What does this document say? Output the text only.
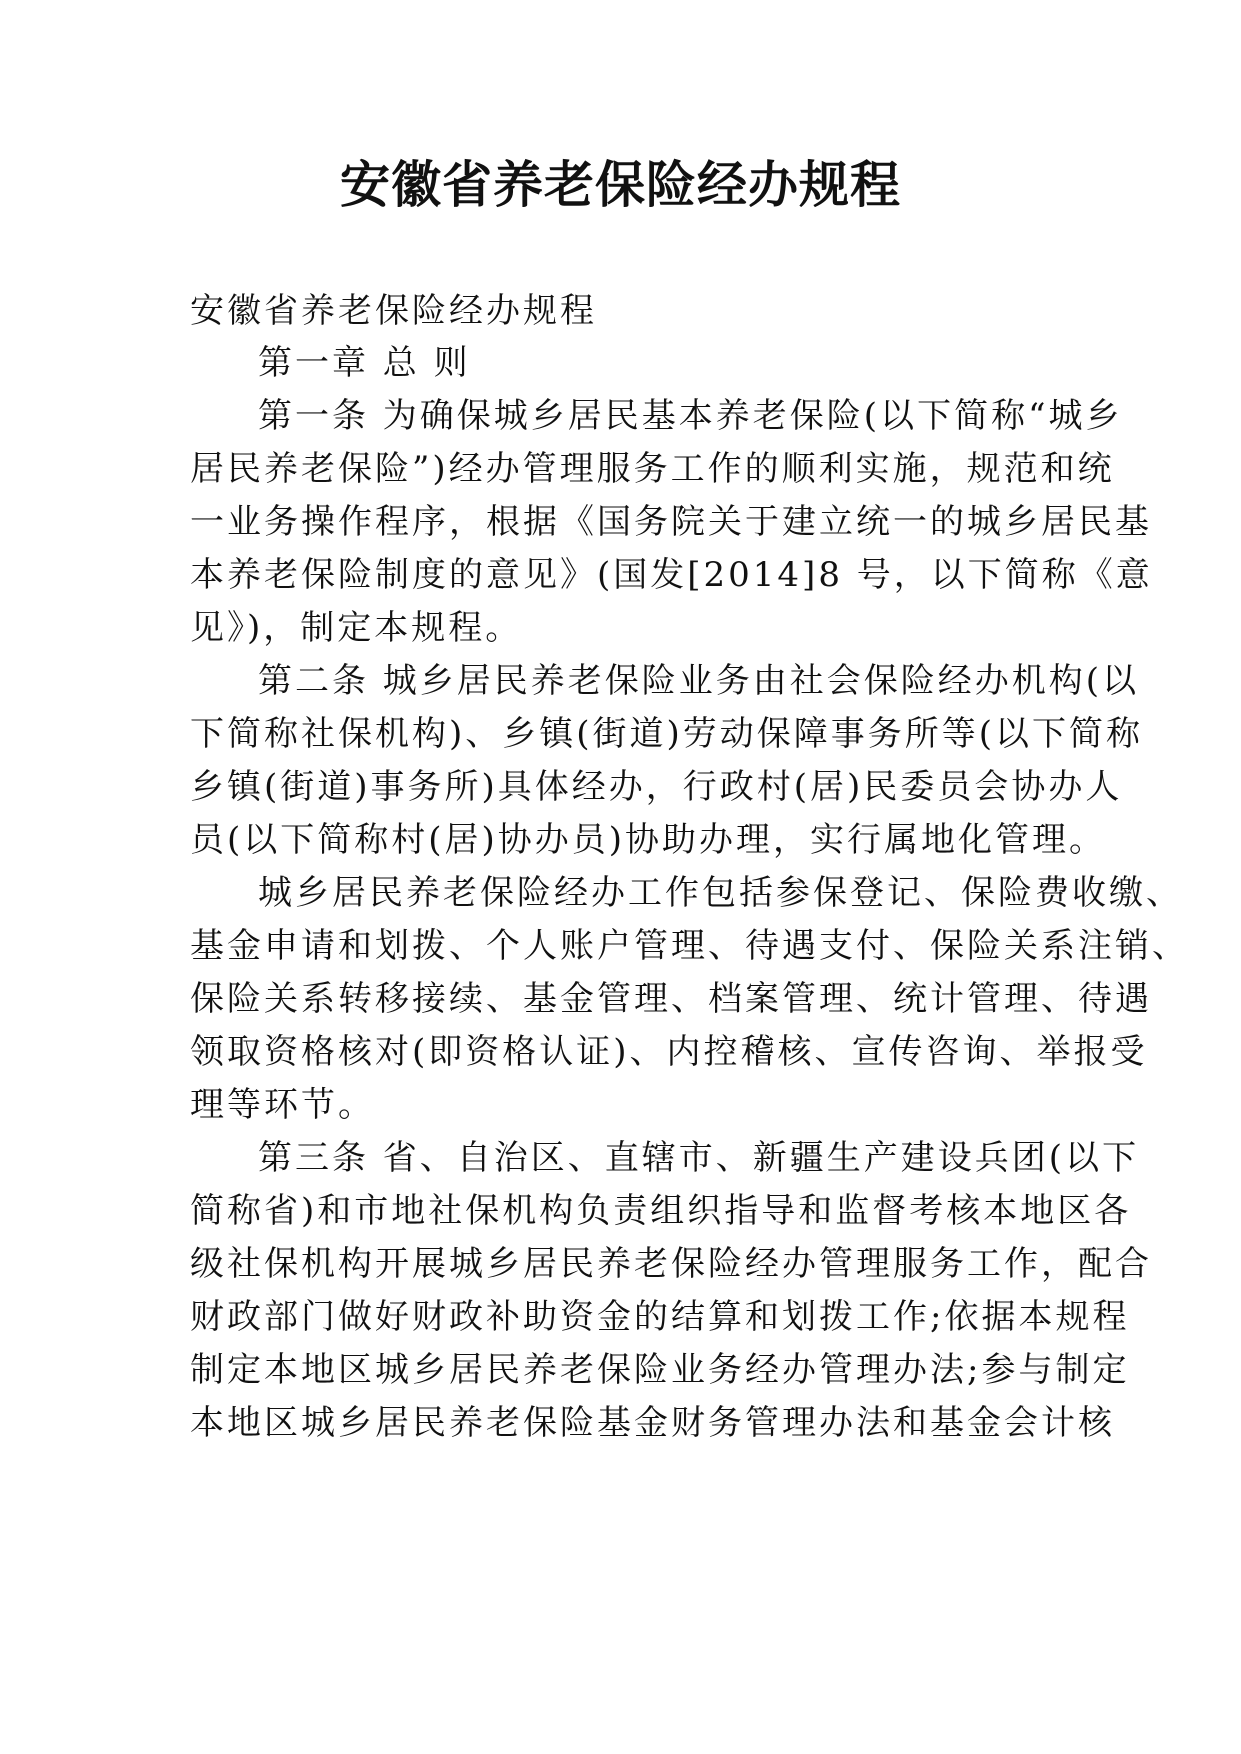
安徽省养老保险经办规程
安徽省养老保险经办规程
第一章 总 则
第一条 为确保城乡居民基本养老保险(以下简称“城乡
居民养老保险”)经办管理服务工作的顺利实施，规范和统
一业务操作程序，根据《国务院关于建立统一的城乡居民基
本养老保险制度的意见》(国发[2014]8 号，以下简称《意
见》)，制定本规程。
第二条 城乡居民养老保险业务由社会保险经办机构(以
下简称社保机构)、乡镇(街道)劳动保障事务所等(以下简称
乡镇(街道)事务所)具体经办，行政村(居)民委员会协办人
员(以下简称村(居)协办员)协助办理，实行属地化管理。
城乡居民养老保险经办工作包括参保登记、保险费收缴、
基金申请和划拨、个人账户管理、待遇支付、保险关系注销、
保险关系转移接续、基金管理、档案管理、统计管理、待遇
领取资格核对(即资格认证)、内控稽核、宣传咨询、举报受
理等环节。
第三条 省、自治区、直辖市、新疆生产建设兵团(以下
简称省)和市地社保机构负责组织指导和监督考核本地区各
级社保机构开展城乡居民养老保险经办管理服务工作，配合
财政部门做好财政补助资金的结算和划拨工作;依据本规程
制定本地区城乡居民养老保险业务经办管理办法;参与制定
本地区城乡居民养老保险基金财务管理办法和基金会计核
